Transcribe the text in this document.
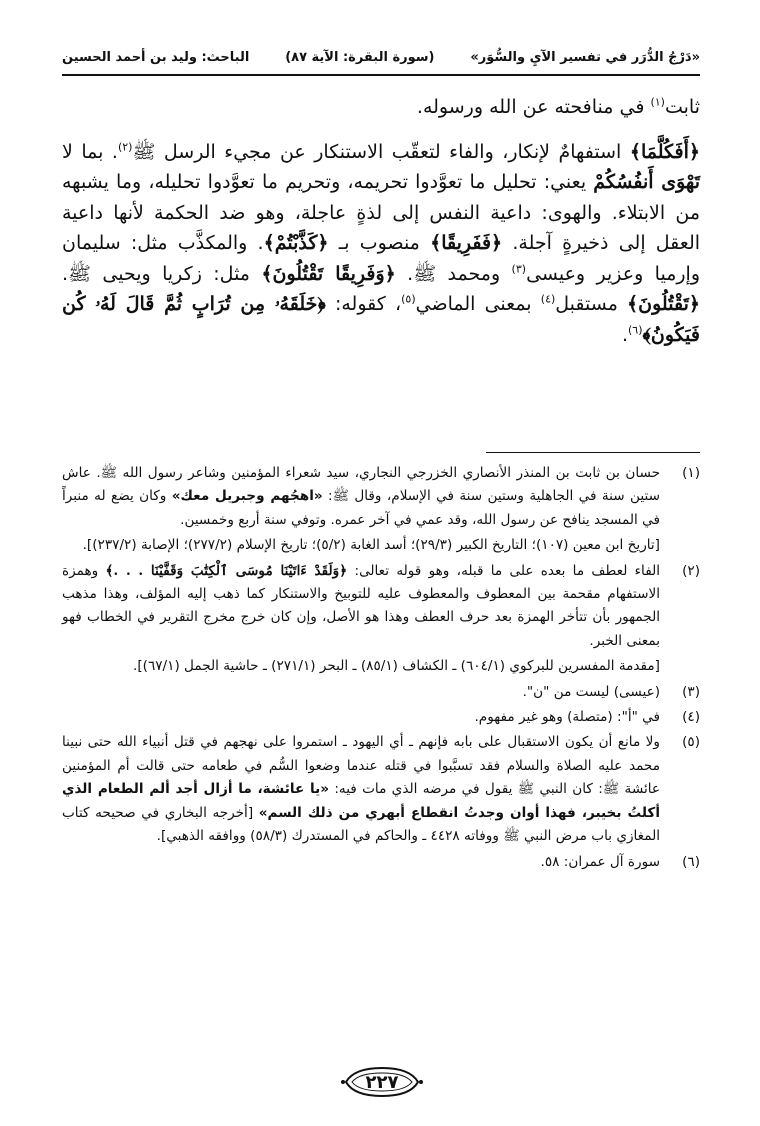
«دَرْجُ الدُّرَر في تفسير الآيِ والسُّوَر»
(سورة البقرة: الآية ٨٧)
الباحث: وليد بن أحمد الحسين

ثابت$^{(١)}$ في منافحته عن الله ورسوله.

﴿أَفَكُلَّمَا﴾ استفهامٌ لإنكار، والفاء لتعقّب الاستنكار عن مجيء الرسل ﷺ$^{(٢)}$. بما لا تَهْوَى أَنفُسُكُمْ يعني: تحليل ما تعوَّدوا تحريمه، وتحريم ما تعوَّدوا تحليله، وما يشبهه من الابتلاء. والهوى: داعية النفس إلى لذةٍ عاجلة، وهو ضد الحكمة لأنها داعية العقل إلى ذخيرةٍ آجلة. ﴿فَفَرِيقًا﴾ منصوب بـ ﴿كَذَّبْتُمْ﴾. والمكذَّب مثل: سليمان وإرميا وعزير وعيسى$^{(٣)}$ ومحمد ﷺ. ﴿وَفَرِيقًا تَقْتُلُونَ﴾ مثل: زكريا ويحيى ﷺ. ﴿تَقْتُلُونَ﴾ مستقبل$^{(٤)}$ بمعنى الماضي$^{(٥)}$، كقوله: ﴿خَلَقَهُۥ مِن تُرَابٍ ثُمَّ قَالَ لَهُۥ كُن فَيَكُونُ﴾$^{(٦)}$.

(١)

حسان بن ثابت بن المنذر الأنصاري الخزرجي النجاري، سيد شعراء المؤمنين وشاعر رسول الله ﷺ. عاش ستين سنة في الجاهلية وستين سنة في الإسلام، وقال ﷺ: «اهجُهم وجبريل معك» وكان يضع له منبراً في المسجد ينافح عن رسول الله، وقد عمي في آخر عمره. وتوفي سنة أربع وخمسين.

[تاريخ ابن معين (١٠٧)؛ التاريخ الكبير (٢٩/٣)؛ أسد الغابة (٥/٢)؛ تاريخ الإسلام (٢٧٧/٢)؛ الإصابة (٢٣٧/٢)].

(٢)

الفاء لعطف ما بعده على ما قبله، وهو قوله تعالى: ﴿وَلَقَدْ ءَاتَيْنَا مُوسَى ٱلْكِتَٰبَ وَقَفَّيْنَا . . .﴾ وهمزة الاستفهام مقحمة بين المعطوف والمعطوف عليه للتوبيخ والاستنكار كما ذهب إليه المؤلف، وهذا مذهب الجمهور بأن تتأخر الهمزة بعد حرف العطف وهذا هو الأصل، وإن كان خرج مخرج التقرير في الخطاب فهو بمعنى الخبر.

[مقدمة المفسرين للبركوي (٦٠٤/١) ـ الكشاف (٨٥/١) ـ البحر (٢٧١/١) ـ حاشية الجمل (٦٧/١)].

(٣)

(عيسى) ليست من "ن".

(٤)

في "أ": (متصلة) وهو غير مفهوم.

(٥)

ولا مانع أن يكون الاستقبال على بابه فإنهم ـ أي اليهود ـ استمروا على نهجهم في قتل أنبياء الله حتى نبينا محمد عليه الصلاة والسلام فقد تسبَّبوا في قتله عندما وضعوا السُّم في طعامه حتى قالت أم المؤمنين عائشة ﷺ: كان النبي ﷺ يقول في مرضه الذي مات فيه: «يا عائشة، ما أزال أجد ألم الطعام الذي أكلتُ بخيبر، فهذا أوان وجدتُ انقطاع أبهري من ذلك السم» [أخرجه البخاري في صحيحه كتاب المغازي باب مرض النبي ﷺ ووفاته ٤٤٢٨ ـ والحاكم في المستدرك (٥٨/٣) ووافقه الذهبي].

(٦)

سورة آل عمران: ٥٨.

٢٢٧
